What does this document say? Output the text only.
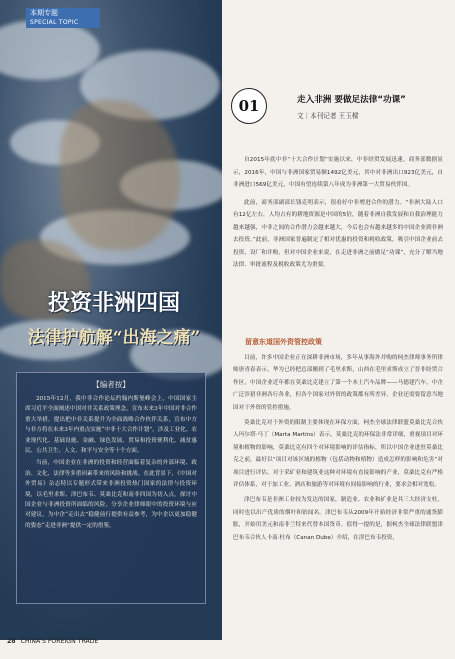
本期专题
SPECIAL TOPIC
投资非洲四国
法律护航解“出海之痛”
【编者按】

2015年12月，我中非合作论坛约翰内斯堡峰会上，中国国家主席习近平全面阐述中国对非关系政策理念，宣布未来3年中国对非合作重大举措。提出把中非关系提升为全面战略合作伙伴关系，宣布中方与非方将在未来3年内重点实施“中非十大合作计划”，涉及工业化、农业现代化、基础设施、金融、绿色发展、贸易和投资便利化、减贫惠民、公共卫生、人文、和平与安全等十个方面。

当前，中国企业在非洲的投资和经营面临着复杂的外部环境、政治、文化、法律等多重因素带来的风险和挑战。在此背景下，《中国对外贸易》杂志特以专题形式带来非洲投资热门国家的法律与投资环境，以毛里求斯、津巴布韦、莫桑比克和南非四国为切入点，探讨中国企业与非洲投资所面临的风险，分享企业律师眼中的投资环境与应对建议，为中企“走出去”稳健前行提供有益参考，为中企以更加稳健的姿态“走进非洲”提供一定的借鉴。

01	走入非洲 要做足法律“功课”
文｜本刊记者 王玉樑

自2015年底中非“十大合作计划”实施以来，中非经贸发展迅速。商务部数据显示，2016年，中国与非洲国家贸易额1492亿美元，其中对非洲出口923亿美元，自非洲进口569亿美元，中国有望连续第八年成为非洲第一大贸易伙伴国。

此前，商务部副部长钱克明表示，很看好中非增进合作的潜力。“非洲大陆人口有12亿左右，人均占有的耕地资源是中国的5倍，随着非洲自我发展和自我治理能力越来越强，中非之间的合作潜力会越来越大，今后也会有越来越多的中国企业到非洲去投资。”此前，非洲国家普遍制定了相对优惠的投资和税收政策，吸引中国企业前去投资、设厂和并购，但对中国企业来说，在走进非洲之前做足“功课”，充分了解当地法律、审批流程及税收政策尤为重要。

留意东道国外资管控政策

目前，许多中国企业正在深耕非洲市场，多年从事海外并购的柯杰律师事务所律师唐青春表示，华为已经把总部搬到了毛里求斯，山西在毛里求斯成立了晋非经贸合作区，中国企业近年都在莫桑比克建立了第一个本土汽车品牌——马德建汽车，中企广泛涉猎非洲各行各业，但各个国家对外资的政策都有所差异，企业还需要留意当地国对于外资的管控措施。

莫桑比克对于外资的限制主要体现在环保方面，柯杰全球法律联盟莫桑比克合伙人玛尔塔·马丁（Marta Martins）表示，莫桑比克的环保法非常详细，重视项目对环境和植物的影响，莫桑比克有四个对环境影响的评估指标，所以中国企业进驻莫桑比克之前，最好以“项目对该区域的植物（包括动物和植物）造成怎样的影响和危害”对项目进行评估。对于采矿业和建筑业这种对环境有直接影响的产业，莫桑比克有严格评估体系，对于加工业、酒店和旅游等对环境有间接影响的行业，要求会相对宽松。

津巴布韦是非洲工业较为发达的国家，制造业、农业和矿业是其三大经济支柱，同时也以出产优质的烟叶和铂闻名。津巴布韦从2009年开始经济非常严重的通货膨胀，开始用美元和南非兰特来代替本国货币。值得一提的是，据柯杰全球法律联盟津巴布韦合伙人卡南·杜布（Canan Dube）介绍，在津巴布韦投资，

28 CHINA'S FOREIGN TRADE
